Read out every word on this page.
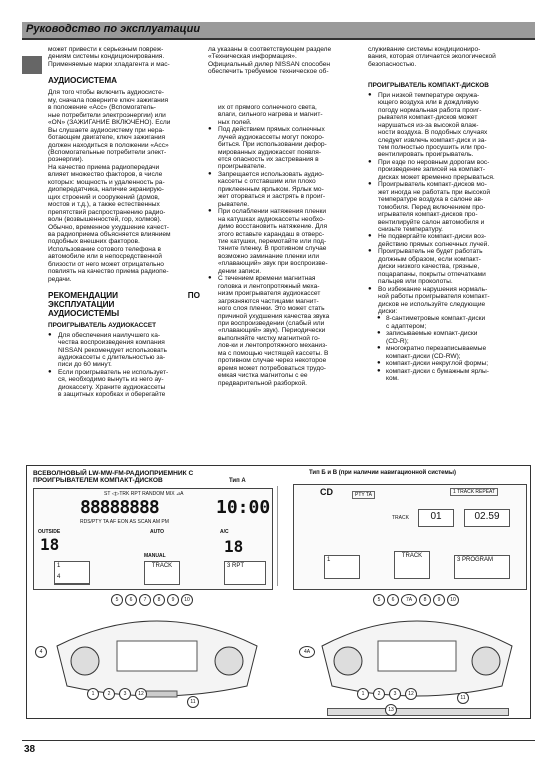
Руководство по эксплуатации

может привести к серьезным повреж-
дениям системы кондиционирования.
Применяемые марки хладагента и мас-

АУДИОСИСТЕМА

Для того чтобы включить аудиосисте-
му, сначала поверните ключ зажигания
в положение «Acc» (Вспомогатель-
ные потребители электроэнергии) или
«ON» (ЗАЖИГАНИЕ ВКЛЮЧЕНО). Если
Вы слушаете аудиосистему при нера-
ботающем двигателе, ключ зажигания
должен находиться в положении «Acc»
(Вспомогательные потребители элект-
роэнергии).

На качество приема радиопередачи
влияет множество факторов, в числе
которых: мощность и удаленность ра-
диопередатчика, наличие экранирую-
щих строений и сооружений (домов,
мостов и т.д.), а также естественных
препятствий распространению радио-
волн (возвышенностей, гор, холмов).
Обычно, временное ухудшение качест-
ва радиоприема объясняется влиянием
подобных внешних факторов.
Использование сотового телефона в
автомобиле или в непосредственной
близости от него может отрицательно
повлиять на качество приема радиопе-
редачи.

РЕКОМЕНДАЦИИ ПО ЭКСПЛУАТАЦИИ
АУДИОСИСТЕМЫ
ПРОИГРЫВАТЕЛЬ АУДИОКАССЕТ
● Для обеспечения наилучшего ка-
чества воспроизведения компания
NISSAN рекомендует использовать
аудиокассеты с длительностью за-
писи до 60 минут.
● Если проигрыватель не использует-
ся, необходимо вынуть из него ау-
диокассету. Храните аудиокассеты
в защитных коробках и оберегайте

ла указаны в соответствующем разделе
«Техническая информация».
Официальный дилер NISSAN способен
обеспечить требуемое техническое об-

их от прямого солнечного света,
влаги, сильного нагрева и магнит-
ных полей.

● Под действием прямых солнечных
лучей аудиокассеты могут покоро-
биться. При использовании дефор-
мированных аудиокассет появля-
ется опасность их застревания в
проигрывателе.
● Запрещается использовать аудио-
кассеты с отставшим или плохо
приклеенным ярлыком. Ярлык мо-
жет оторваться и застрять в проиг-
рывателе.
● При ослаблении натяжения пленки
на катушках аудиокассеты необхо-
димо восстановить натяжение. Для
этого вставьте карандаш в отверс-
тие катушки, перемотайте или под-
тяните пленку. В противном случае
возможно заминание пленки или
«плавающий» звук при воспроизве-
дении записи.
● С течением времени магнитная
головка и лентопротяжный меха-
низм проигрывателя аудиокассет
загрязняются частицами магнит-
ного слоя пленки. Это может стать
причиной ухудшения качества звука
при воспроизведении (слабый или
«плавающий» звук). Периодически
выполняйте чистку магнитной го-
лов-ки и лентопротяжного механиз-
ма с помощью чистящей кассеты. В
противном случае через некоторое
время может потребоваться трудо-
емкая чистка магнитолы с ее
предварительной разборкой.

служивание системы кондициониро-
вания, которая отличается экологической
безопасностью.

ПРОИГРЫВАТЕЛЬ КОМПАКТ-ДИСКОВ
● При низкой температуре окружа-
ющего воздуха или в дождливую
погоду нормальная работа проиг-
рывателя компакт-дисков может
нарушаться из-за высокой влаж-
ности воздуха. В подобных случаях
следует извлечь компакт-диск и за-
тем полностью просушить или про-
вентилировать проигрыватель.
● При езде по неровным дорогам вос-
произведение записей на компакт-
дисках может временно прерываться.
● Проигрыватель компакт-дисков мо-
жет иногда не работать при высокой
температуре воздуха в салоне ав-
томобиля. Перед включением про-
игрывателя компакт-дисков про-
вентилируйте салон автомобиля и
снизьте температуру.
● Не подвергайте компакт-диски воз-
действию прямых солнечных лучей.
● Проигрыватель не будет работать
должным образом, если компакт-
диски низкого качества, грязные,
поцарапаны, покрыты отпечатками
пальцев или проколоты.
● Во избежание нарушения нормаль-
ной работы проигрывателя компакт-
дисков не используйте следующие
диски:
● 8-сантиметровые компакт-диски
с адаптером;
● записываемые компакт-диски
(CD-R);
● многократно перезаписываемые
компакт-диски (CD-RW);
● компакт-диски некруглой формы;
● компакт-диски с бумажным ярлы-
ком.
ВСЕВОЛНОВЫЙ LW-MW-FM-РАДИОПРИЕМНИК С
ПРОИГРЫВАТЕЛЕМ КОМПАКТ-ДИСКОВ	Тип А
Тип Б и В (при наличии навигационной системы)
ST ◁▷TRK RPT RANDOM MIX ⊿A
88888888	10:00
RDS/PTY TA AF EON AS SCAN AM PM
OUTSIDE	AUTO	A/C
18	18
MANUAL
1
4
TRACK	3 RPT
CD	PTY TA	1 TRACK REPEAT
TRACK	01	02.59
1
TRACK
3 PROGRAM
5	6	7	8	9	10
4
1	2	3	12
11
5	6	7A	8	9	10
4A
1	2	3	12
11
13
38
